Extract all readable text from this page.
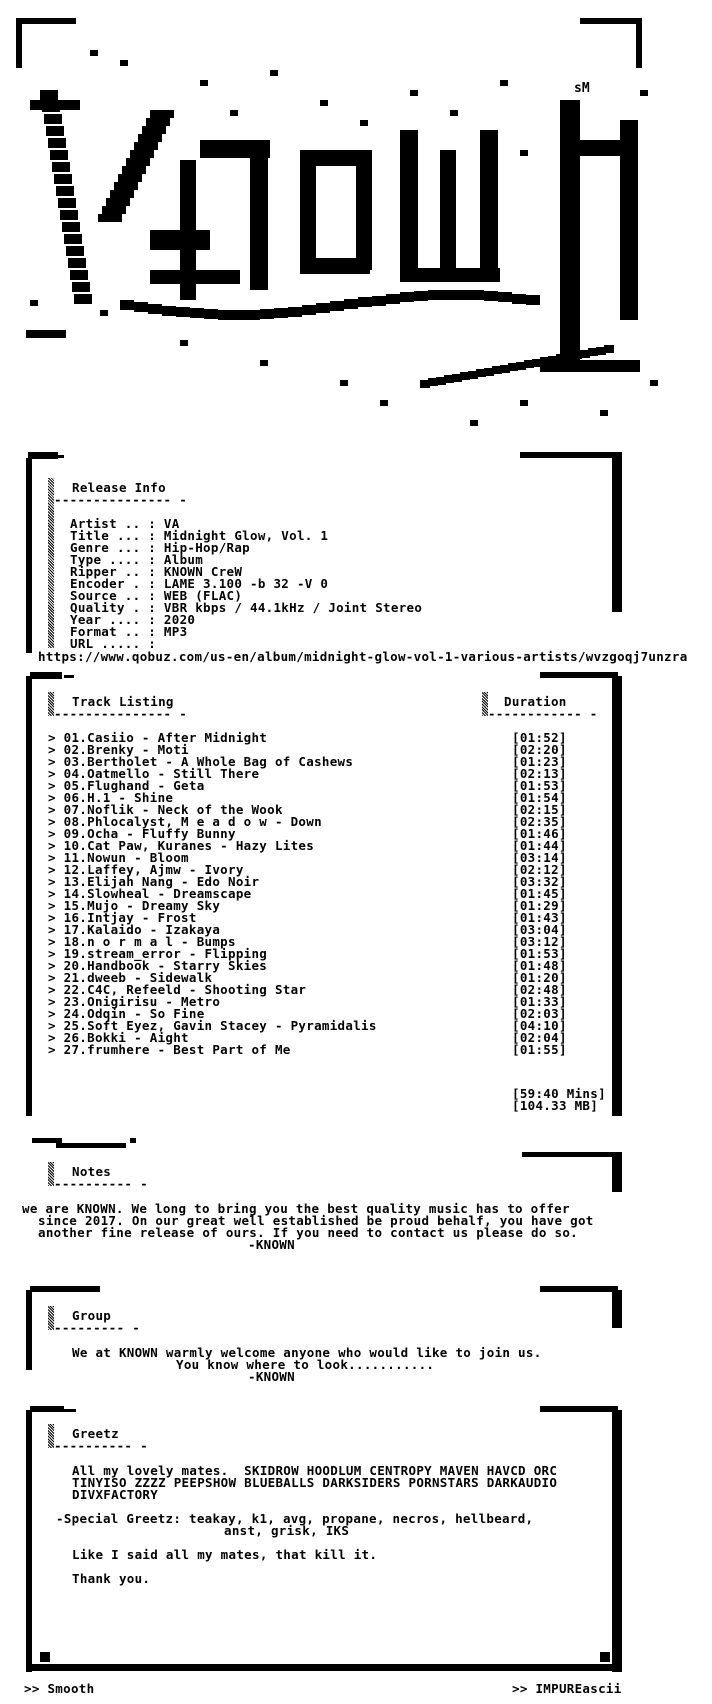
sM
Release Info
--------------- -
Artist .. : VA
Title ... : Midnight Glow, Vol. 1
Genre ... : Hip-Hop/Rap
Type .... : Album
Ripper .. : KNOWN CreW
Encoder . : LAME 3.100 -b 32 -V 0
Source .. : WEB (FLAC)
Quality . : VBR kbps / 44.1kHz / Joint Stereo
Year .... : 2020
Format .. : MP3
URL ..... :
https://www.qobuz.com/us-en/album/midnight-glow-vol-1-various-artists/wvzgoqj7unzra
Track Listing
--------------- -
Duration
------------ -
> 01.Casiio - After Midnight	[01:52]
> 02.Brenky - Moti	[02:20]
> 03.Bertholet - A Whole Bag of Cashews	[01:23]
> 04.Oatmello - Still There	[02:13]
> 05.Flughand - Geta	[01:53]
> 06.H.1 - Shine	[01:54]
> 07.Noflik - Neck of the Wook	[02:15]
> 08.Phlocalyst, M e a d o w - Down	[02:35]
> 09.Ocha - Fluffy Bunny	[01:46]
> 10.Cat Paw, Kuranes - Hazy Lites	[01:44]
> 11.Nowun - Bloom	[03:14]
> 12.Laffey, Ajmw - Ivory	[02:12]
> 13.Elijah Nang - Edo Noir	[03:32]
> 14.Slowheal - Dreamscape	[01:45]
> 15.Mujo - Dreamy Sky	[01:29]
> 16.Intjay - Frost	[01:43]
> 17.Kalaido - Izakaya	[03:04]
> 18.n o r m a l - Bumps	[03:12]
> 19.stream_error - Flipping	[01:53]
> 20.Handbook - Starry Skies	[01:48]
> 21.dweeb - Sidewalk	[01:20]
> 22.C4C, Refeeld - Shooting Star	[02:48]
> 23.Onigirisu - Metro	[01:33]
> 24.Odqin - So Fine	[02:03]
> 25.Soft Eyez, Gavin Stacey - Pyramidalis	[04:10]
> 26.Bokki - Aight	[02:04]
> 27.frumhere - Best Part of Me	[01:55]
[59:40 Mins]
[104.33 MB]
Notes
---------- -
we are KNOWN. We long to bring you the best quality music has to offer
since 2017. On our great well established be proud behalf, you have got
another fine release of ours. If you need to contact us please do so.
-KNOWN
Group
--------- -
We at KNOWN warmly welcome anyone who would like to join us.
You know where to look...........
-KNOWN
Greetz
---------- -
All my lovely mates.  SKIDROW HOODLUM CENTROPY MAVEN HAVCD ORC
TINYISO ZZZZ PEEPSHOW BLUEBALLS DARKSIDERS PORNSTARS DARKAUDIO
DIVXFACTORY
-Special Greetz: teakay, k1, avg, propane, necros, hellbeard,
anst, grisk, IKS
Like I said all my mates, that kill it.
Thank you.
>> Smooth	>> IMPUREascii
